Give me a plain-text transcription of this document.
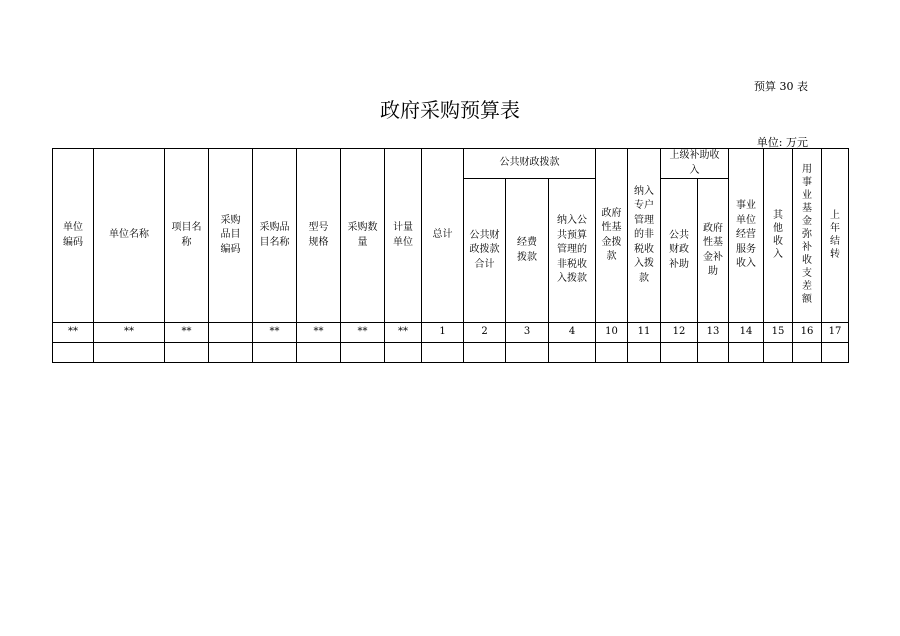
预算 30 表
政府采购预算表
单位: 万元
单位编码	单位名称	项目名称	采购品目编码	采购品目名称	型号规格	采购数量	计量单位	总计	公共财政拨款			政府性基金拨款	纳入专户管理的非税收入拨款	上级补助收入		事业单位经营服务收入	其他收入	用事业基金弥补收支差额	上年结转
									公共财政拨款合计	经费拨款	纳入公共预算管理的非税收入拨款			公共财政补助	政府性基金补助				
**	**	**		**	**	**	**	1	2	3	4	10	11	12	13	14	15	16	17
